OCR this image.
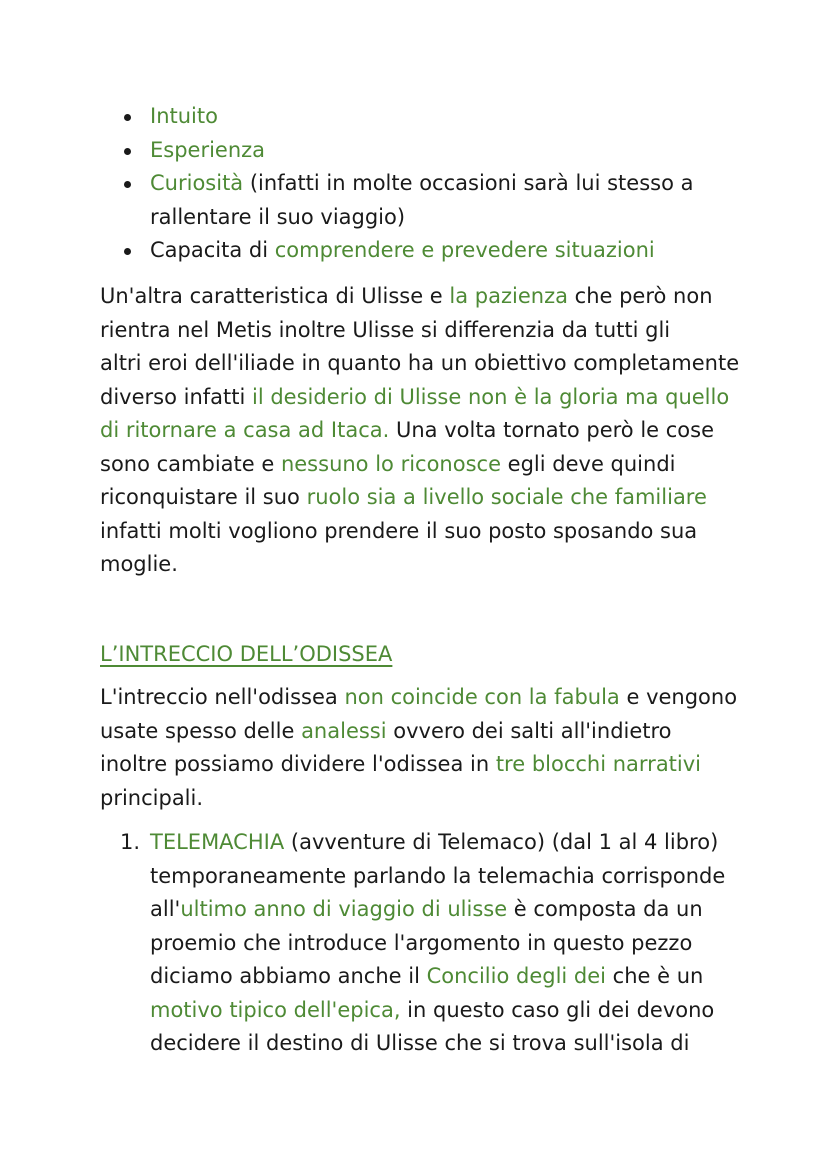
Intuito
Esperienza
Curiosità (infatti in molte occasioni sarà lui stesso a
rallentare il suo viaggio)
Capacita di comprendere e prevedere situazioni
Un'altra caratteristica di Ulisse e la pazienza che però non
rientra nel Metis inoltre Ulisse si differenzia da tutti gli
altri eroi dell'iliade in quanto ha un obiettivo completamente
diverso infatti il desiderio di Ulisse non è la gloria ma quello
di ritornare a casa ad Itaca. Una volta tornato però le cose
sono cambiate e nessuno lo riconosce egli deve quindi
riconquistare il suo ruolo sia a livello sociale che familiare
infatti molti vogliono prendere il suo posto sposando sua
moglie.
L’INTRECCIO DELL’ODISSEA
L'intreccio nell'odissea non coincide con la fabula e vengono
usate spesso delle analessi ovvero dei salti all'indietro
inoltre possiamo dividere l'odissea in tre blocchi narrativi
principali.
1. TELEMACHIA (avventure di Telemaco) (dal 1 al 4 libro)
temporaneamente parlando la telemachia corrisponde
all'ultimo anno di viaggio di ulisse è composta da un
proemio che introduce l'argomento in questo pezzo
diciamo abbiamo anche il Concilio degli dei che è un
motivo tipico dell'epica, in questo caso gli dei devono
decidere il destino di Ulisse che si trova sull'isola di
